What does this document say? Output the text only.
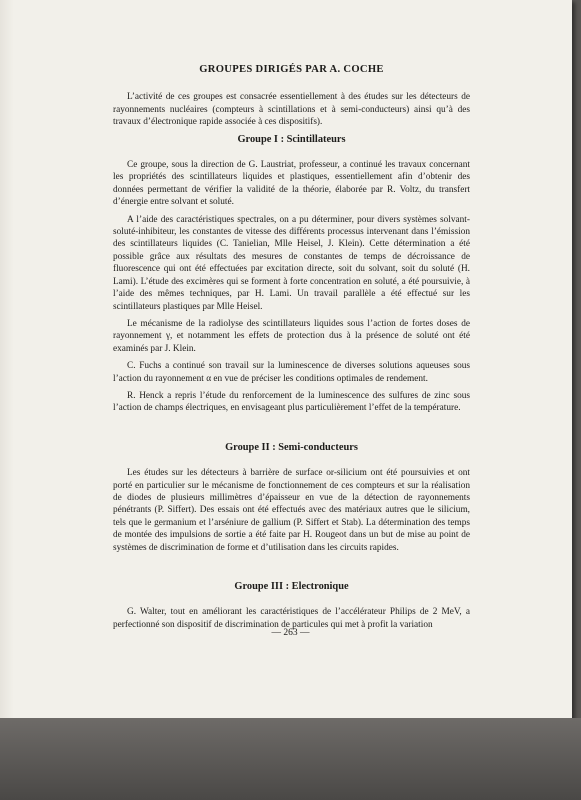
GROUPES DIRIGÉS PAR A. COCHE

L’activité de ces groupes est consacrée essentiellement à des études sur les détecteurs de rayonnements nucléaires (compteurs à scintillations et à semi-conducteurs) ainsi qu’à des travaux d’électronique rapide associée à ces dispositifs).

Groupe I : Scintillateurs

Ce groupe, sous la direction de G. Laustriat, professeur, a continué les travaux concernant les propriétés des scintillateurs liquides et plastiques, essentiellement afin d’obtenir des données permettant de vérifier la validité de la théorie, élaborée par R. Voltz, du transfert d’énergie entre solvant et soluté.

A l’aide des caractéristiques spectrales, on a pu déterminer, pour divers systèmes solvant-soluté-inhibiteur, les constantes de vitesse des différents processus intervenant dans l’émission des scintillateurs liquides (C. Tanielian, Mlle Heisel, J. Klein). Cette détermination a été possible grâce aux résultats des mesures de constantes de temps de décroissance de fluorescence qui ont été effectuées par excitation directe, soit du solvant, soit du soluté (H. Lami). L’étude des excimères qui se forment à forte concentration en soluté, a été poursuivie, à l’aide des mêmes techniques, par H. Lami. Un travail parallèle a été effectué sur les scintillateurs plastiques par Mlle Heisel.

Le mécanisme de la radiolyse des scintillateurs liquides sous l’action de fortes doses de rayonnement γ, et notamment les effets de protection dus à la présence de soluté ont été examinés par J. Klein.

C. Fuchs a continué son travail sur la luminescence de diverses solutions aqueuses sous l’action du rayonnement α en vue de préciser les conditions optimales de rendement.

R. Henck a repris l’étude du renforcement de la luminescence des sulfures de zinc sous l’action de champs électriques, en envisageant plus particulièrement l’effet de la température.

Groupe II : Semi-conducteurs

Les études sur les détecteurs à barrière de surface or-silicium ont été poursuivies et ont porté en particulier sur le mécanisme de fonctionnement de ces compteurs et sur la réalisation de diodes de plusieurs millimètres d’épaisseur en vue de la détection de rayonnements pénétrants (P. Siffert). Des essais ont été effectués avec des matériaux autres que le silicium, tels que le germanium et l’arséniure de gallium (P. Siffert et Stab). La détermination des temps de montée des impulsions de sortie a été faite par H. Rougeot dans un but de mise au point de systèmes de discrimination de forme et d’utilisation dans les circuits rapides.

Groupe III : Electronique

G. Walter, tout en améliorant les caractéristiques de l’accélérateur Philips de 2 MeV, a perfectionné son dispositif de discrimination de particules qui met à profit la variation

— 263 —
